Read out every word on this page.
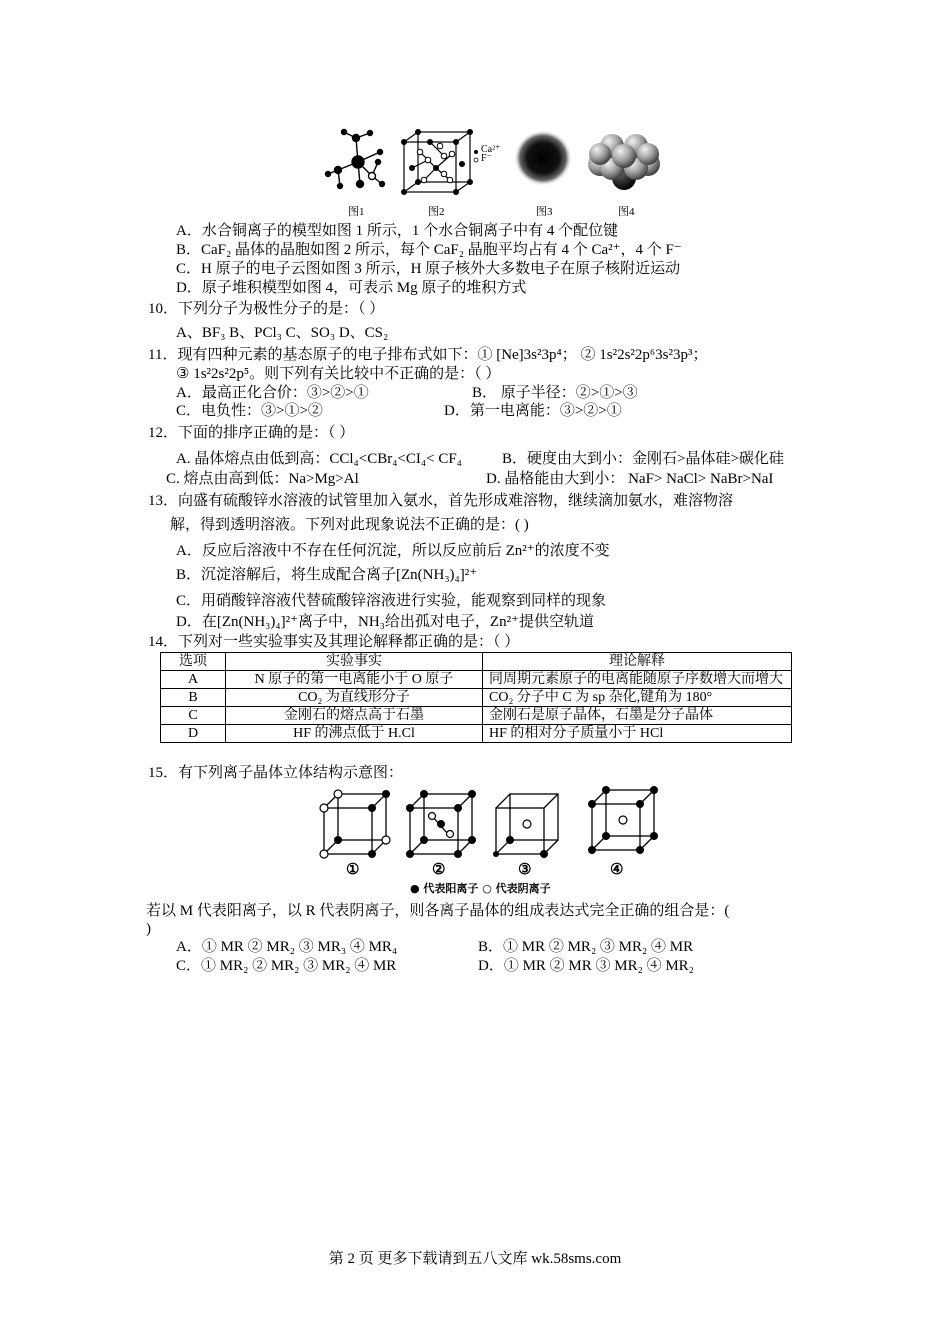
Ca²⁺
F⁻
图1	图2	图3	图4
A．水合铜离子的模型如图 1 所示，1 个水合铜离子中有 4 个配位键
B．CaF₂ 晶体的晶胞如图 2 所示，每个 CaF₂ 晶胞平均占有 4 个 Ca²⁺，4 个 F⁻
C．H 原子的电子云图如图 3 所示，H 原子核外大多数电子在原子核附近运动
D．原子堆积模型如图 4，可表示 Mg 原子的堆积方式
10．下列分子为极性分子的是：（ ）
A、BF₃ B、PCl₃ C、SO₃ D、CS₂
11．现有四种元素的基态原子的电子排布式如下：① [Ne]3s²3p⁴； ② 1s²2s²2p⁶3s²3p³；
③ 1s²2s²2p⁵。则下列有关比较中不正确的是：（ ）
A．最高正化合价：③>②>①	B． 原子半径：②>①>③
C．电负性：③>①>②	D．第一电离能：③>②>①
12．下面的排序正确的是：（ ）
A. 晶体熔点由低到高：CCl₄<CBr₄<CI₄< CF₄	B．硬度由大到小：金刚石>晶体硅>碳化硅
C. 熔点由高到低：Na>Mg>Al	D. 晶格能由大到小： NaF> NaCl> NaBr>NaI
13．向盛有硫酸锌水溶液的试管里加入氨水，首先形成难溶物，继续滴加氨水，难溶物溶
解，得到透明溶液。下列对此现象说法不正确的是：( )
A．反应后溶液中不存在任何沉淀，所以反应前后 Zn²⁺的浓度不变
B．沉淀溶解后，将生成配合离子[Zn(NH₃)₄]²⁺
C．用硝酸锌溶液代替硫酸锌溶液进行实验，能观察到同样的现象
D．在[Zn(NH₃)₄]²⁺离子中，NH₃给出孤对电子，Zn²⁺提供空轨道
14．下列对一些实验事实及其理论解释都正确的是：（ ）
选项	实验事实	理论解释
A	N 原子的第一电离能小于 O 原子	同周期元素原子的电离能随原子序数增大而增大
B	CO₂ 为直线形分子	CO₂ 分子中 C 为 sp 杂化,键角为 180°
C	金刚石的熔点高于石墨	金刚石是原子晶体，石墨是分子晶体
D	HF 的沸点低于 H.Cl	HF 的相对分子质量小于 HCl
15．有下列离子晶体立体结构示意图：
①	②	③	④
● 代表阳离子 ○ 代表阴离子
若以 M 代表阳离子，以 R 代表阴离子，则各离子晶体的组成表达式完全正确的组合是：(
)
A．① MR ② MR₂ ③ MR₃ ④ MR₄	B．① MR ② MR₂ ③ MR₂ ④ MR
C．① MR₂ ② MR₂ ③ MR₂ ④ MR	D．① MR ② MR ③ MR₂ ④ MR₂
第 2 页 更多下载请到五八文库 wk.58sms.com
